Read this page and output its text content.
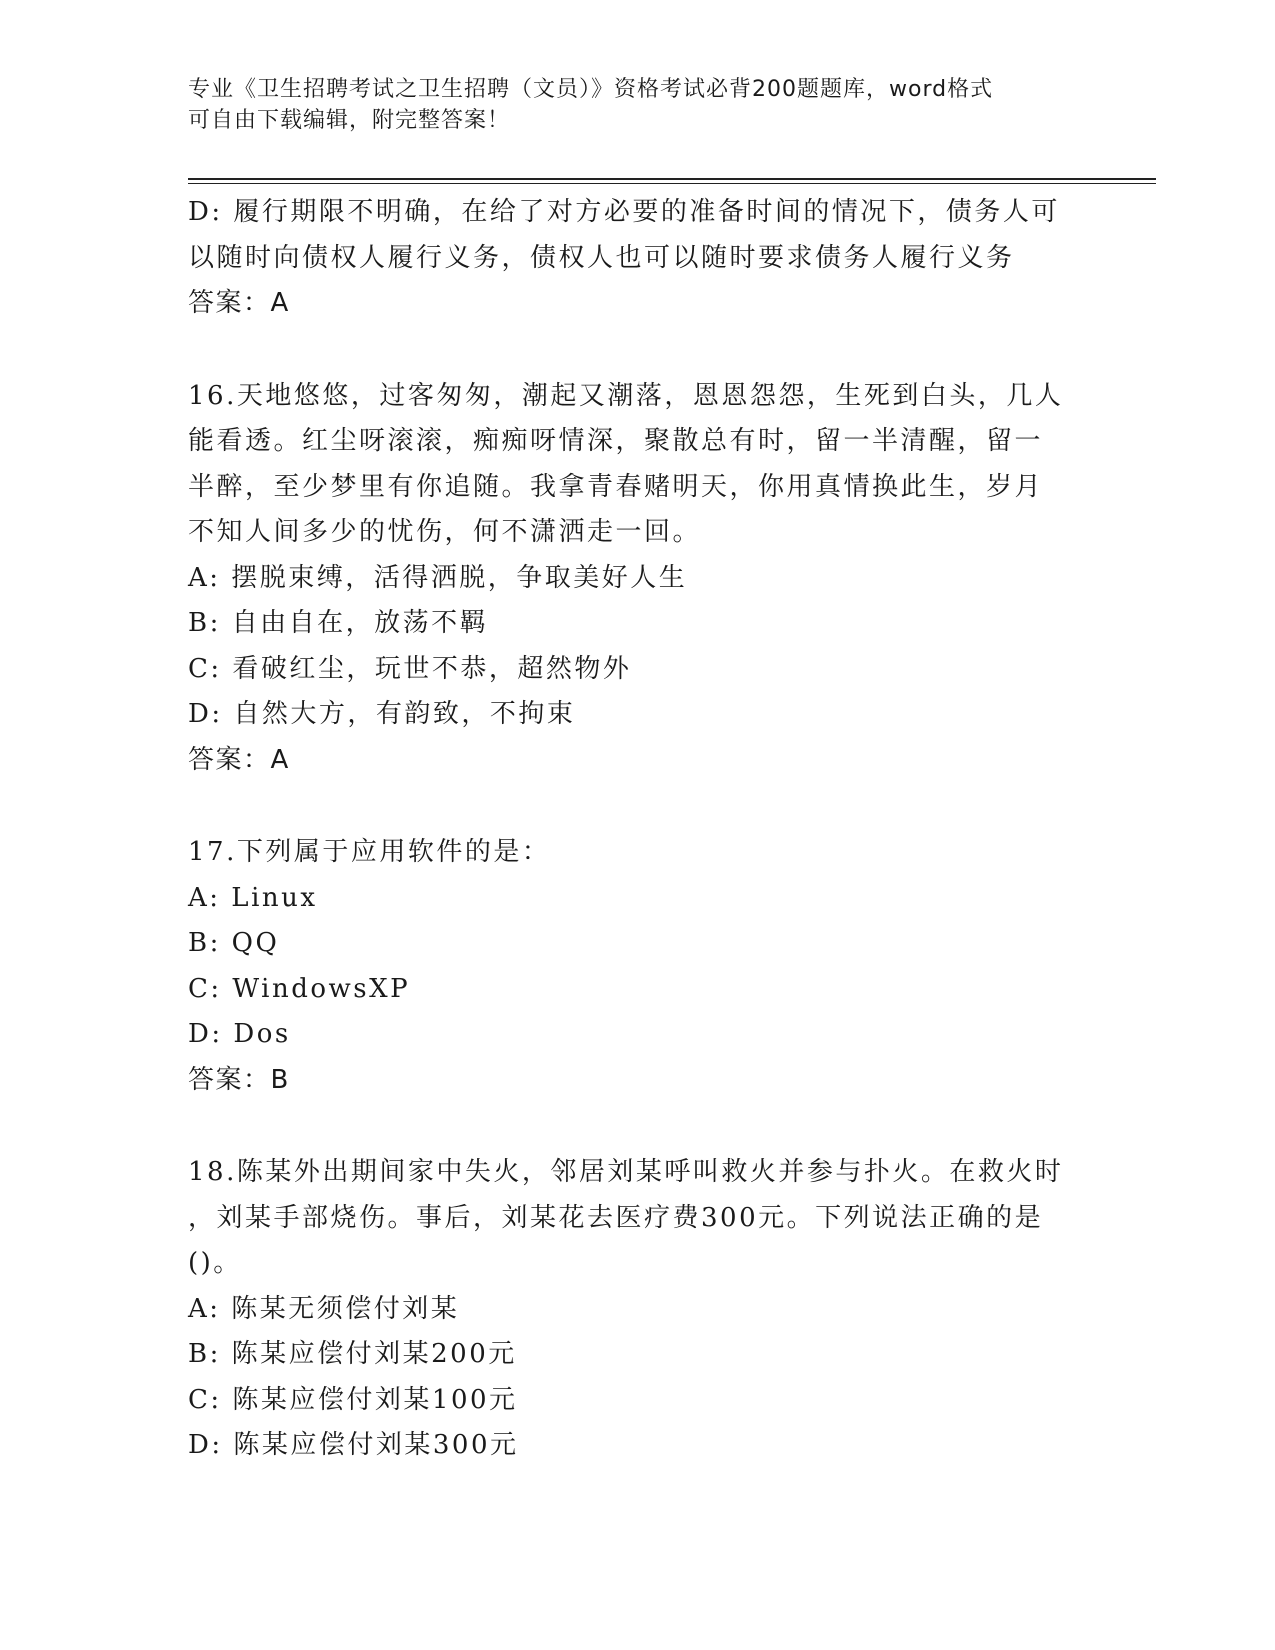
专业《卫生招聘考试之卫生招聘（文员）》资格考试必背200题题库，word格式
可自由下载编辑，附完整答案！
D: 履行期限不明确，在给了对方必要的准备时间的情况下，债务人可
以随时向债权人履行义务，债权人也可以随时要求债务人履行义务
答案：A
16.天地悠悠，过客匆匆，潮起又潮落，恩恩怨怨，生死到白头，几人
能看透。红尘呀滚滚，痴痴呀情深，聚散总有时，留一半清醒，留一
半醉，至少梦里有你追随。我拿青春赌明天，你用真情换此生，岁月
不知人间多少的忧伤，何不潇洒走一回。
A: 摆脱束缚，活得洒脱，争取美好人生
B: 自由自在，放荡不羁
C: 看破红尘，玩世不恭，超然物外
D: 自然大方，有韵致，不拘束
答案：A
17.下列属于应用软件的是：
A: Linux
B: QQ
C: WindowsXP
D: Dos
答案：B
18.陈某外出期间家中失火，邻居刘某呼叫救火并参与扑火。在救火时
，刘某手部烧伤。事后，刘某花去医疗费300元。下列说法正确的是
()。
A: 陈某无须偿付刘某
B: 陈某应偿付刘某200元
C: 陈某应偿付刘某100元
D: 陈某应偿付刘某300元
